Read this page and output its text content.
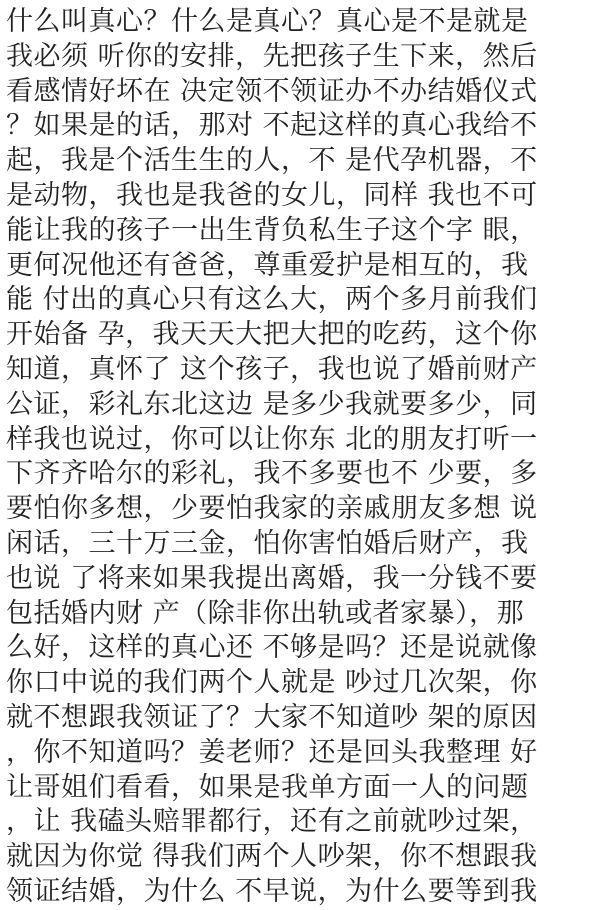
什么叫真心？什么是真心？真心是不是就是
我必须 听你的安排，先把孩子生下来，然后
看感情好坏在 决定领不领证办不办结婚仪式
？如果是的话，那对 不起这样的真心我给不
起，我是个活生生的人，不 是代孕机器，不
是动物，我也是我爸的女儿，同样 我也不可
能让我的孩子一出生背负私生子这个字 眼，
更何况他还有爸爸，尊重爱护是相互的，我
能 付出的真心只有这么大，两个多月前我们
开始备 孕，我天天大把大把的吃药，这个你
知道，真怀了 这个孩子，我也说了婚前财产
公证，彩礼东北这边 是多少我就要多少，同
样我也说过，你可以让你东 北的朋友打听一
下齐齐哈尔的彩礼，我不多要也不 少要，多
要怕你多想，少要怕我家的亲戚朋友多想 说
闲话，三十万三金，怕你害怕婚后财产，我
也说 了将来如果我提出离婚，我一分钱不要
包括婚内财 产（除非你出轨或者家暴），那
么好，这样的真心还 不够是吗？还是说就像
你口中说的我们两个人就是 吵过几次架，你
就不想跟我领证了？大家不知道吵 架的原因
，你不知道吗？姜老师？还是回头我整理 好
让哥姐们看看，如果是我单方面一人的问题
，让 我磕头赔罪都行，还有之前就吵过架，
就因为你觉 得我们两个人吵架，你不想跟我
领证结婚，为什么 不早说，为什么要等到我
